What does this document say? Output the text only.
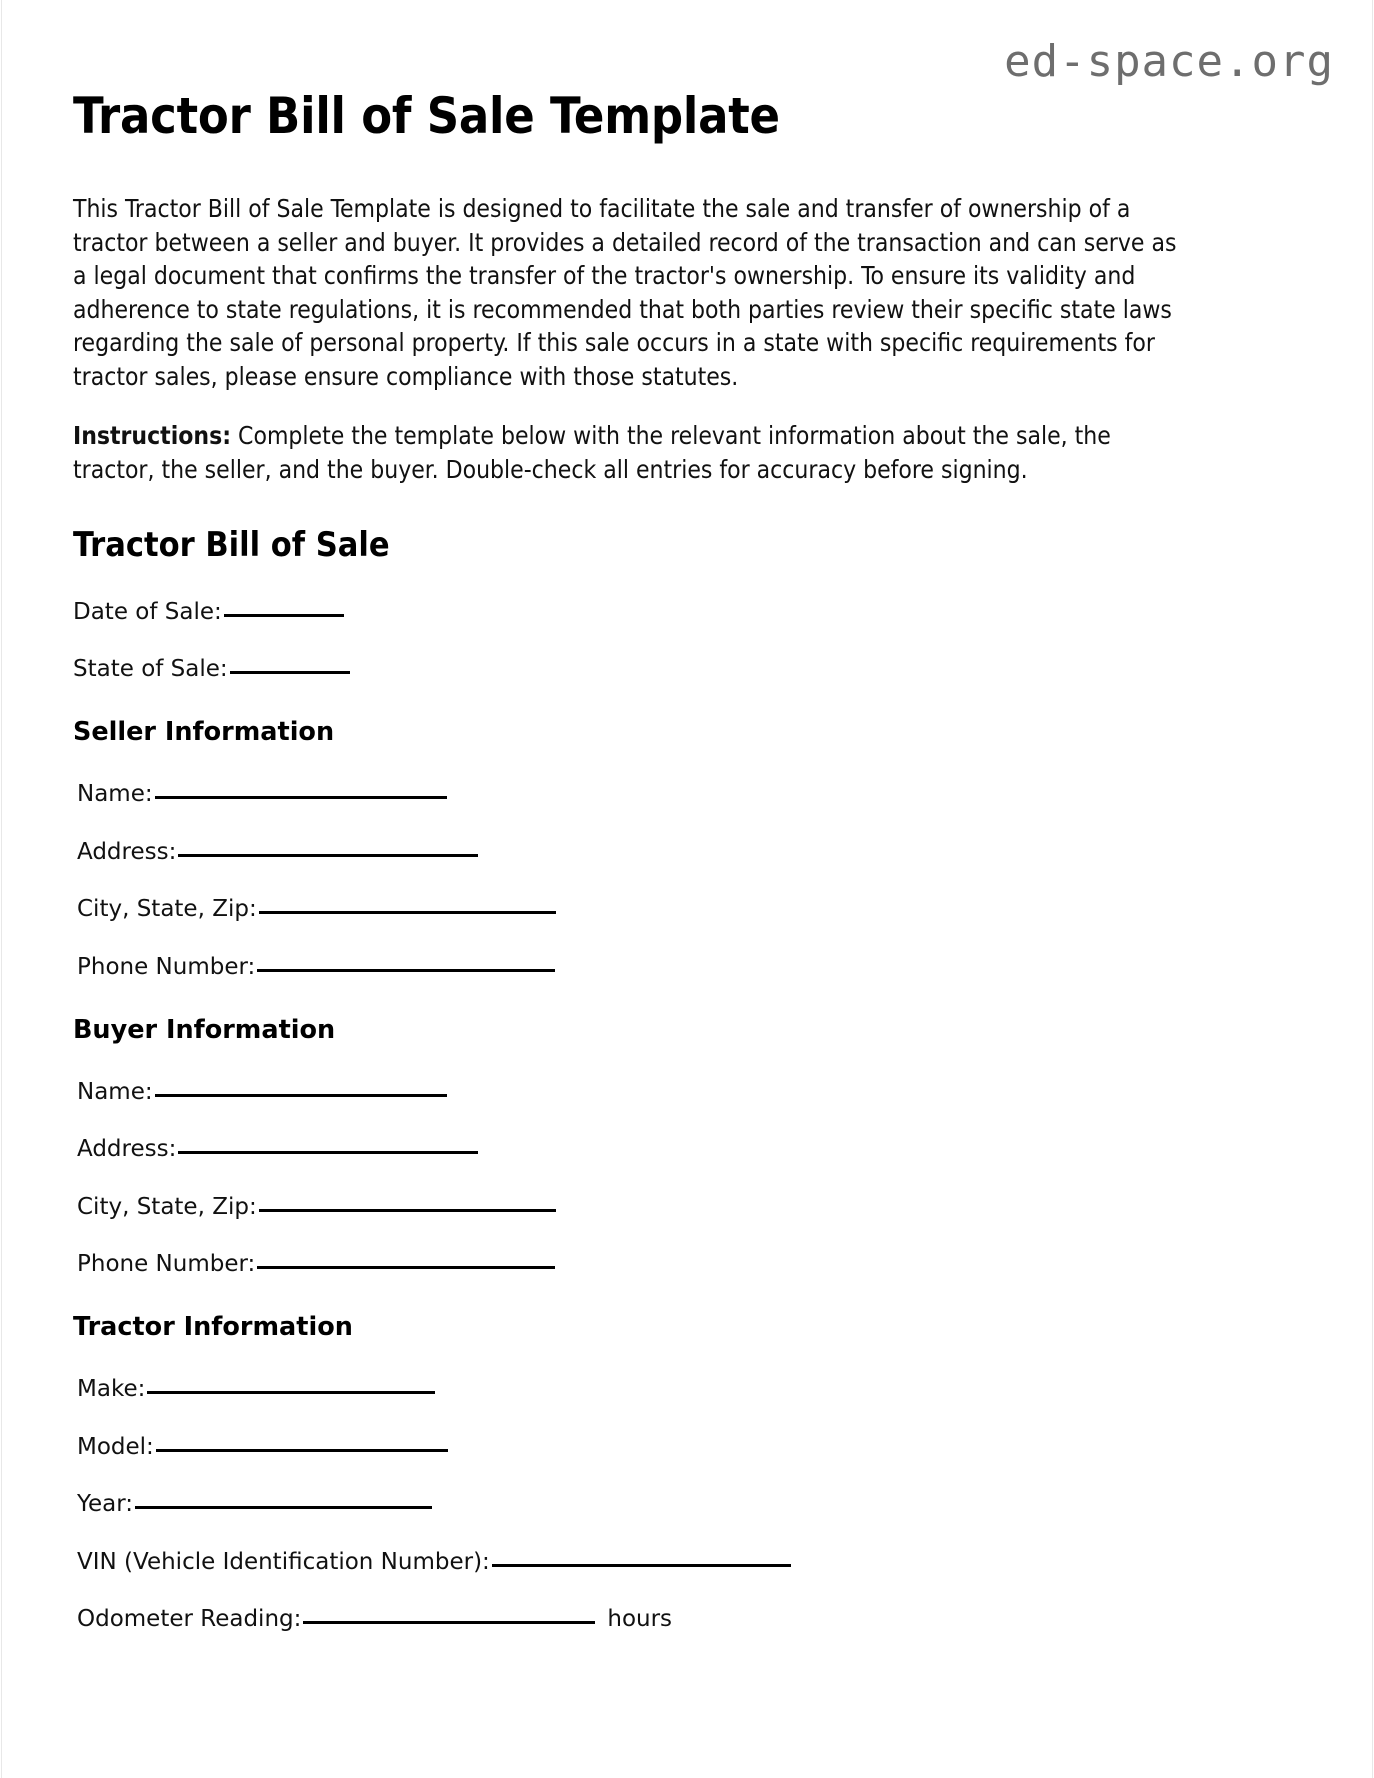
ed-space.org
Tractor Bill of Sale Template

This Tractor Bill of Sale Template is designed to facilitate the sale and transfer of ownership of a tractor between a seller and buyer. It provides a detailed record of the transaction and can serve as a legal document that confirms the transfer of the tractor's ownership. To ensure its validity and adherence to state regulations, it is recommended that both parties review their specific state laws regarding the sale of personal property. If this sale occurs in a state with specific requirements for tractor sales, please ensure compliance with those statutes.

Instructions: Complete the template below with the relevant information about the sale, the tractor, the seller, and the buyer. Double-check all entries for accuracy before signing.

Tractor Bill of Sale
Date of Sale:
State of Sale:
Seller Information
Name:
Address:
City, State, Zip:
Phone Number:
Buyer Information
Name:
Address:
City, State, Zip:
Phone Number:
Tractor Information
Make:
Model:
Year:
VIN (Vehicle Identification Number):
Odometer Reading:	hours
